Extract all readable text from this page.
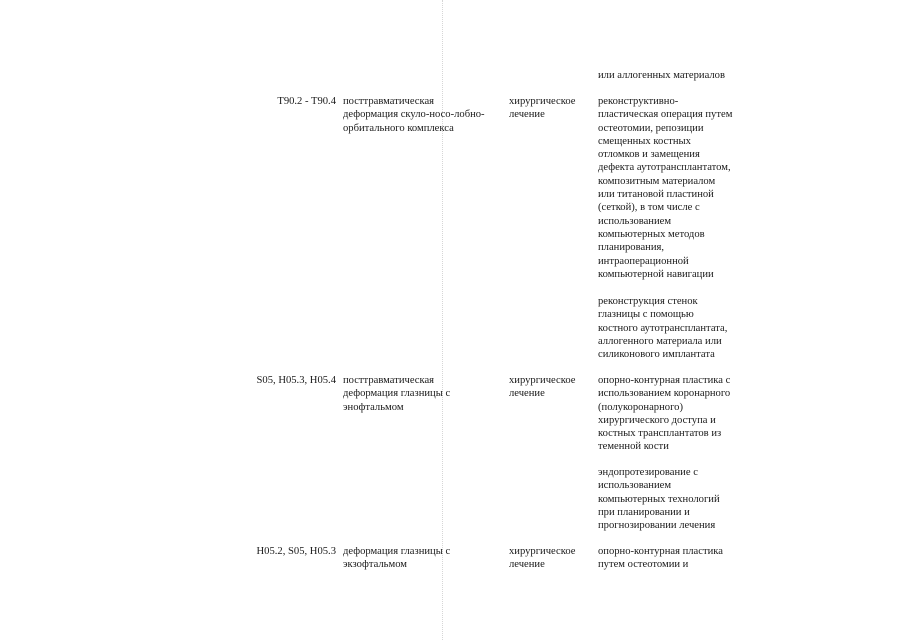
или аллогенных материалов
T90.2 - T90.4 посттравматическая
деформация скуло-носо-лобно-
орбитального комплекса
хирургическое
лечение
реконструктивно-
пластическая операция путем
остеотомии, репозиции
смещенных костных
отломков и замещения
дефекта аутотрансплантатом,
композитным материалом
или титановой пластиной
(сеткой), в том числе с
использованием
компьютерных методов
планирования,
интраоперационной
компьютерной навигации
реконструкция стенок
глазницы с помощью
костного аутотрансплантата,
аллогенного материала или
силиконового имплантата
S05, H05.3, H05.4 посттравматическая
деформация глазницы с
энофтальмом
хирургическое
лечение
опорно-контурная пластика с
использованием коронарного
(полукоронарного)
хирургического доступа и
костных трансплантатов из
теменной кости
эндопротезирование с
использованием
компьютерных технологий
при планировании и
прогнозировании лечения
H05.2, S05, H05.3 деформация глазницы с
экзофтальмом
хирургическое
лечение
опорно-контурная пластика
путем остеотомии и
